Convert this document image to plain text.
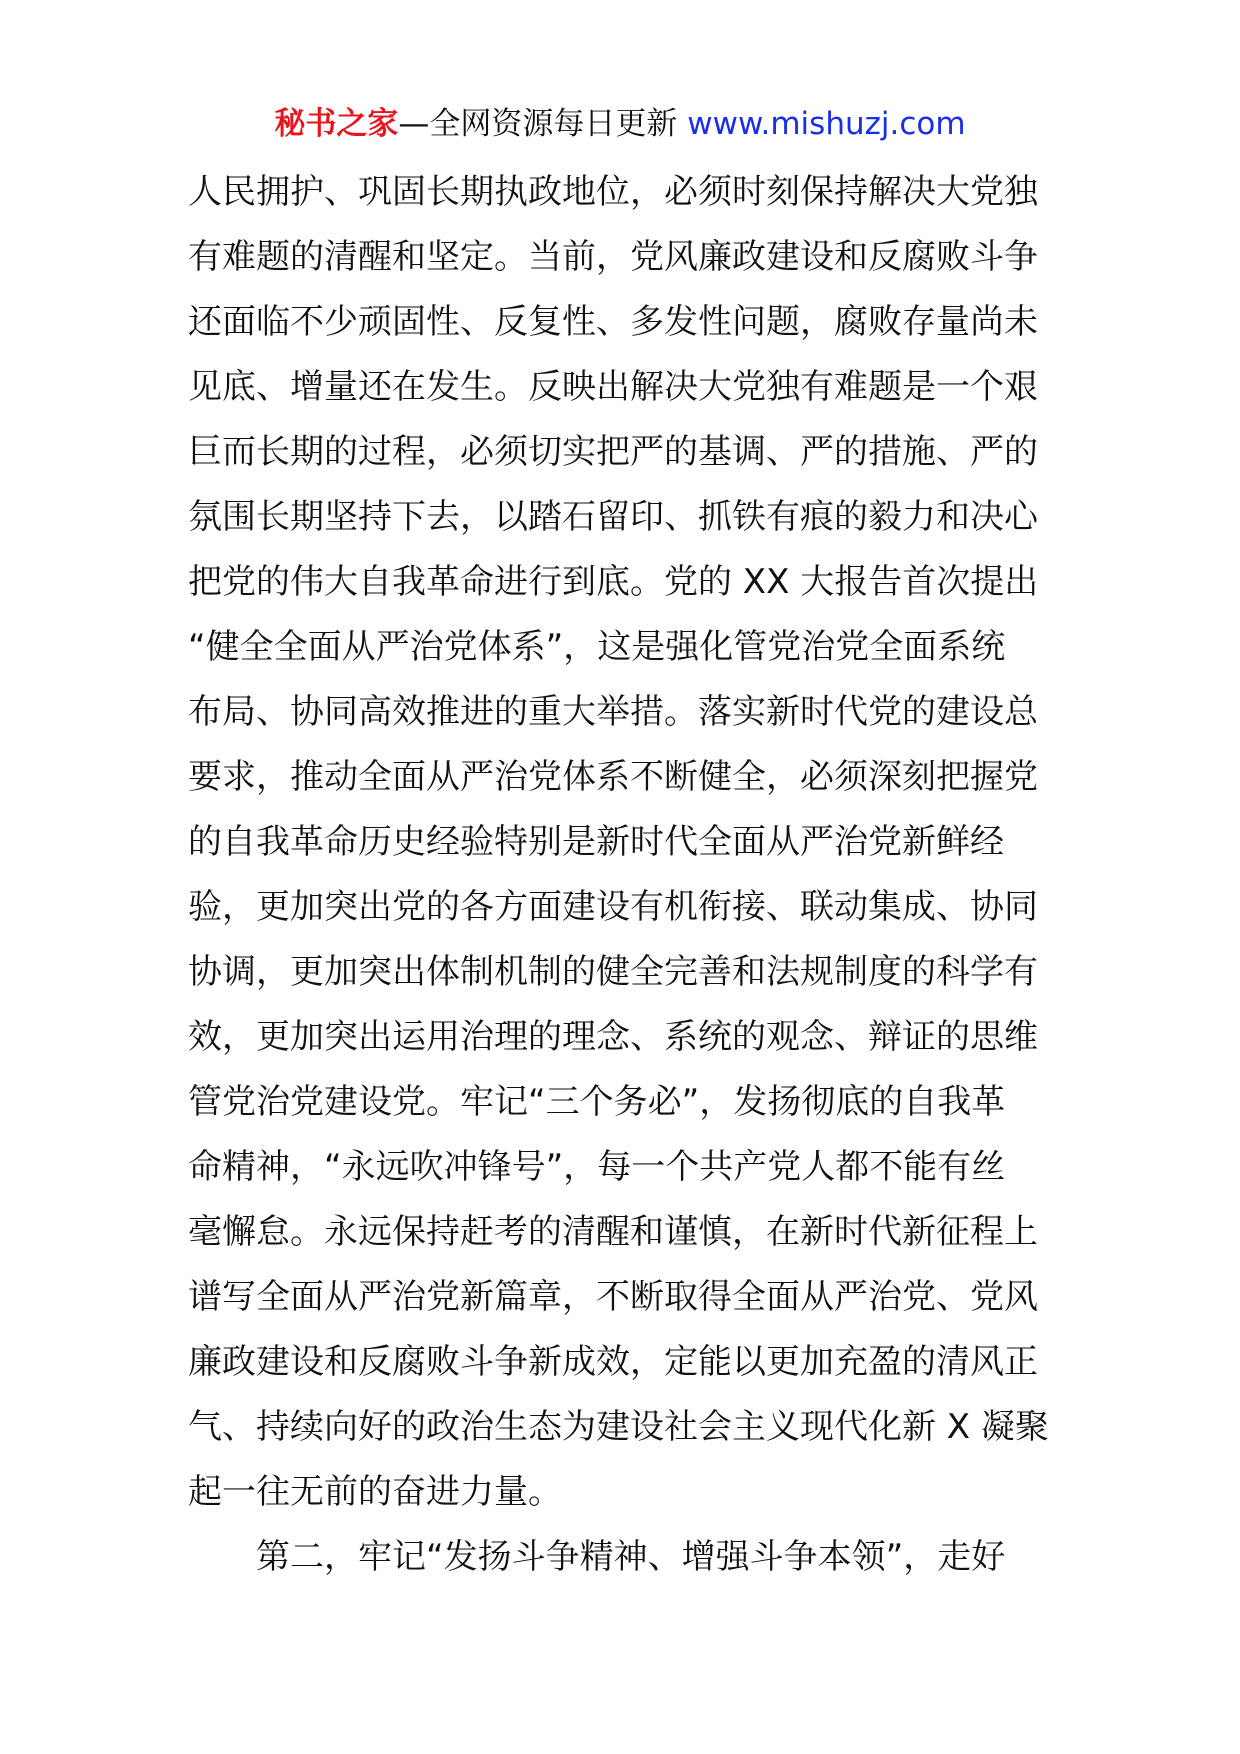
秘书之家—全网资源每日更新 www.mishuzj.com
人民拥护、巩固长期执政地位，必须时刻保持解决大党独
有难题的清醒和坚定。当前，党风廉政建设和反腐败斗争
还面临不少顽固性、反复性、多发性问题，腐败存量尚未
见底、增量还在发生。反映出解决大党独有难题是一个艰
巨而长期的过程，必须切实把严的基调、严的措施、严的
氛围长期坚持下去，以踏石留印、抓铁有痕的毅力和决心
把党的伟大自我革命进行到底。党的 XX 大报告首次提出
“健全全面从严治党体系”，这是强化管党治党全面系统
布局、协同高效推进的重大举措。落实新时代党的建设总
要求，推动全面从严治党体系不断健全，必须深刻把握党
的自我革命历史经验特别是新时代全面从严治党新鲜经
验，更加突出党的各方面建设有机衔接、联动集成、协同
协调，更加突出体制机制的健全完善和法规制度的科学有
效，更加突出运用治理的理念、系统的观念、辩证的思维
管党治党建设党。牢记“三个务必”，发扬彻底的自我革
命精神，“永远吹冲锋号”，每一个共产党人都不能有丝
毫懈怠。永远保持赶考的清醒和谨慎，在新时代新征程上
谱写全面从严治党新篇章，不断取得全面从严治党、党风
廉政建设和反腐败斗争新成效，定能以更加充盈的清风正
气、持续向好的政治生态为建设社会主义现代化新 X 凝聚
起一往无前的奋进力量。
第二，牢记“发扬斗争精神、增强斗争本领”，走好
